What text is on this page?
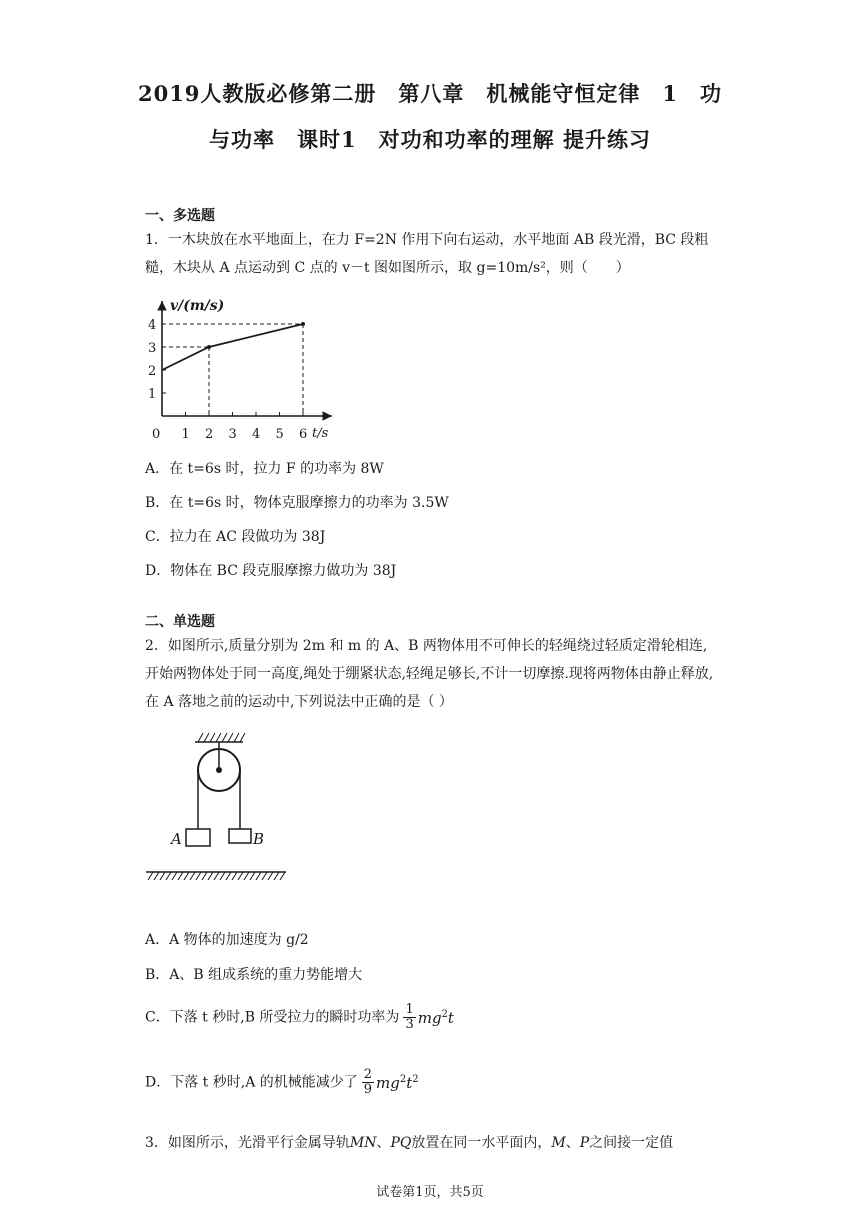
2019人教版必修第二册　第八章　机械能守恒定律　1　功
与功率　课时1　对功和功率的理解 提升练习

一、多选题

1．一木块放在水平地面上，在力 F=2N 作用下向右运动，水平地面 AB 段光滑，BC 段粗糙，木块从 A 点运动到 C 点的 v－t 图如图所示，取 g=10m/s²，则（　　）

1
2
3
4
1 2 3 4 5 6
v/(m/s)
t/s
0

A．在 t=6s 时，拉力 F 的功率为 8W

B．在 t=6s 时，物体克服摩擦力的功率为 3.5W

C．拉力在 AC 段做功为 38J

D．物体在 BC 段克服摩擦力做功为 38J

二、单选题

2．如图所示,质量分别为 2m 和 m 的 A、B 两物体用不可伸长的轻绳绕过轻质定滑轮相连,开始两物体处于同一高度,绳处于绷紧状态,轻绳足够长,不计一切摩擦.现将两物体由静止释放,在 A 落地之前的运动中,下列说法中正确的是（ ）

A	B

A．A 物体的加速度为 g/2

B．A、B 组成系统的重力势能增大

C．下落 t 秒时,B 所受拉力的瞬时功率为 $\frac{1}{3} mg^2t$

D．下落 t 秒时,A 的机械能减少了 $\frac{2}{9} mg^2t^2$

3．如图所示，光滑平行金属导轨MN、PQ放置在同一水平面内，M、P之间接一定值

试卷第1页，共5页
